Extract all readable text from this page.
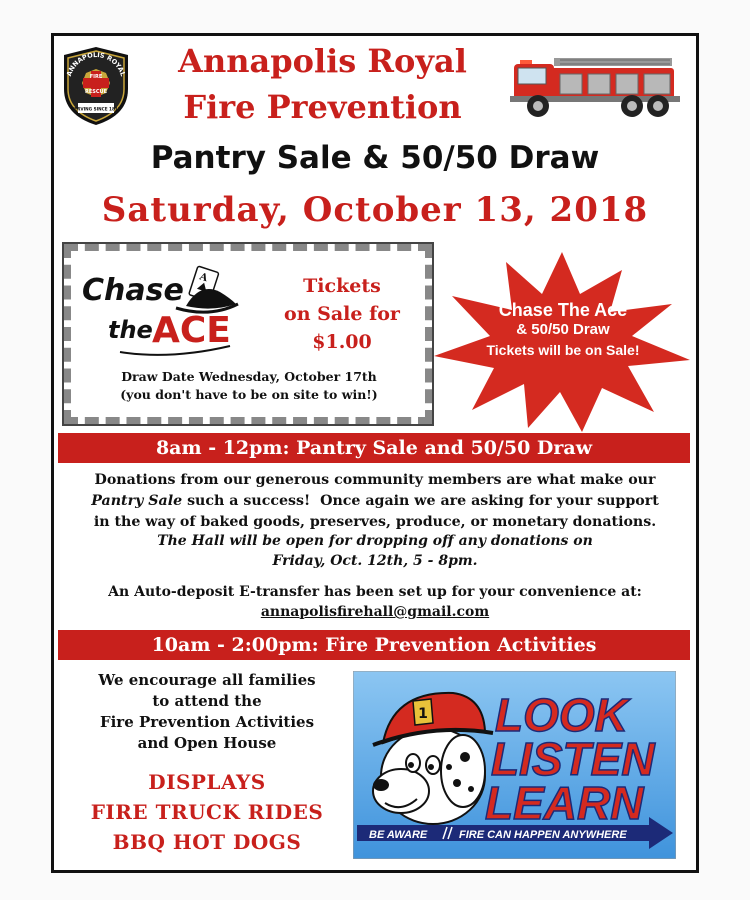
ANNAPOLIS ROYAL
FIRE
RESCUE
SERVING SINCE 1811
Annapolis Royal
Fire Prevention
Pantry Sale & 50/50 Draw
Saturday, October 13, 2018
Chase A
the ACE
Tickets
on Sale for
$1.00
Draw Date Wednesday, October 17th
(you don't have to be on site to win!)
Chase The Ace
& 50/50 Draw
Tickets will be on Sale!
8am - 12pm: Pantry Sale and 50/50 Draw
Donations from our generous community members are what make our
Pantry Sale such a success!  Once again we are asking for your support
in the way of baked goods, preserves, produce, or monetary donations.
The Hall will be open for dropping off any donations on
Friday, Oct. 12th, 5 - 8pm.
An Auto-deposit E-transfer has been set up for your convenience at:
annapolisfirehall@gmail.com
10am - 2:00pm: Fire Prevention Activities
We encourage all families
to attend the
Fire Prevention Activities
and Open House
DISPLAYS
FIRE TRUCK RIDES
BBQ HOT DOGS
1 LOOK
LISTEN
LEARN
BE AWARE	FIRE CAN HAPPEN ANYWHERE
